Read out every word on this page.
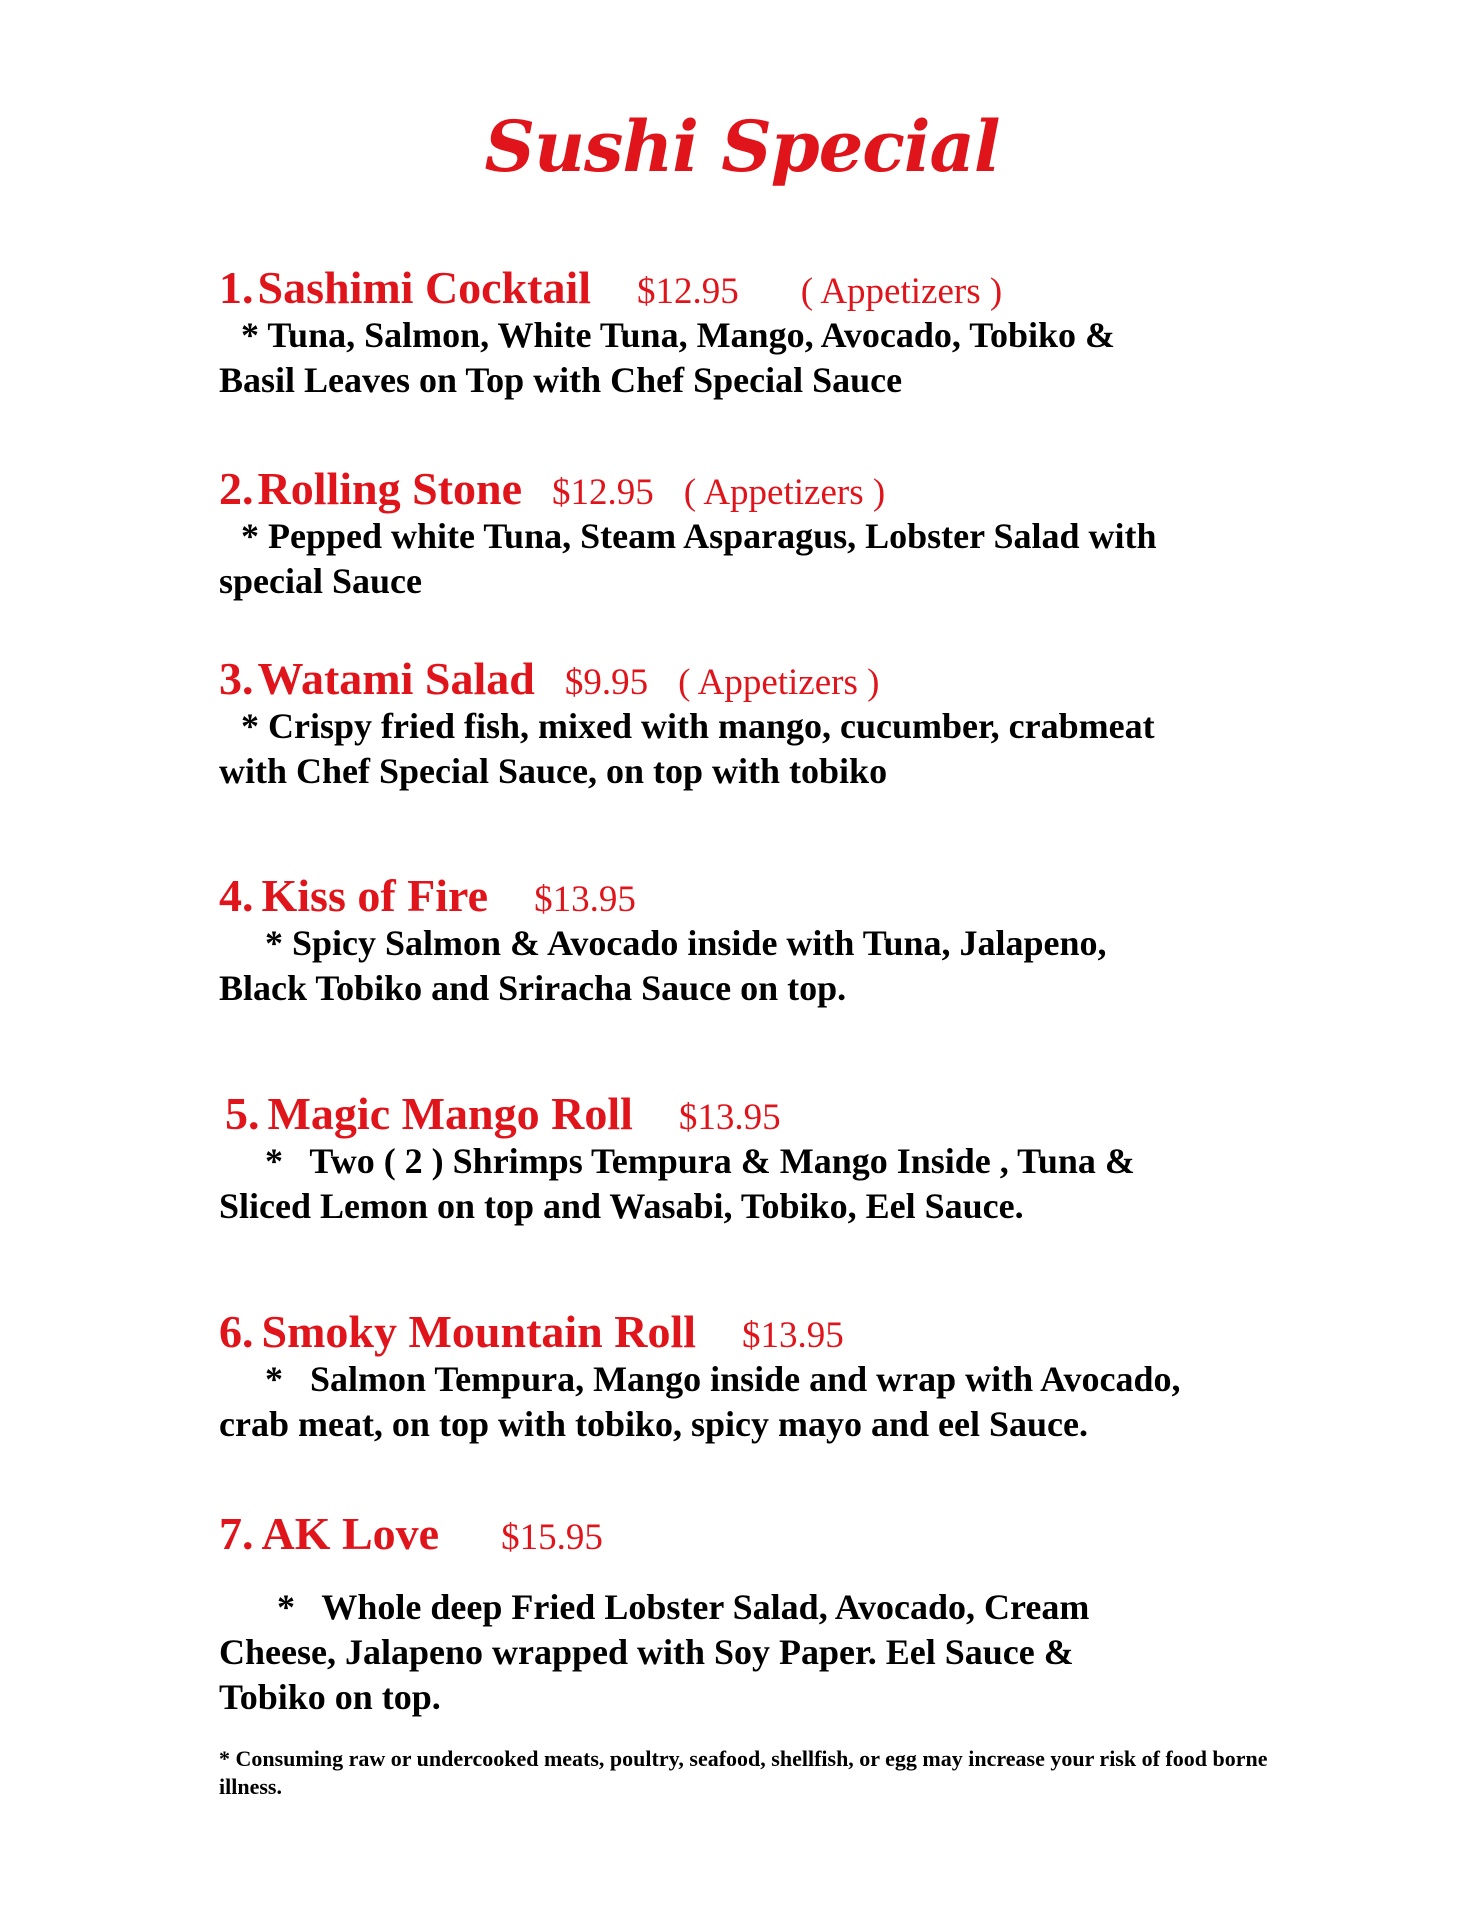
Sushi Special
1. Sashimi Cocktail $12.95 ( Appetizers )
* Tuna, Salmon, White Tuna, Mango, Avocado, Tobiko &
Basil Leaves on Top with Chef Special Sauce
2. Rolling Stone $12.95 ( Appetizers )
* Pepped white Tuna, Steam Asparagus, Lobster Salad with
special Sauce
3. Watami Salad $9.95 ( Appetizers )
* Crispy fried fish, mixed with mango, cucumber, crabmeat
with Chef Special Sauce, on top with tobiko
4. Kiss of Fire $13.95
* Spicy Salmon & Avocado inside with Tuna, Jalapeno,
Black Tobiko and Sriracha Sauce on top.
5. Magic Mango Roll $13.95
*   Two ( 2 ) Shrimps Tempura & Mango Inside , Tuna &
Sliced Lemon on top and Wasabi, Tobiko, Eel Sauce.
6. Smoky Mountain Roll $13.95
*   Salmon Tempura, Mango inside and wrap with Avocado,
crab meat, on top with tobiko, spicy mayo and eel Sauce.
7. AK Love $15.95
*   Whole deep Fried Lobster Salad, Avocado, Cream
Cheese, Jalapeno wrapped with Soy Paper. Eel Sauce &
Tobiko on top.
* Consuming raw or undercooked meats, poultry, seafood, shellfish, or egg may increase your risk of food borne illness.
